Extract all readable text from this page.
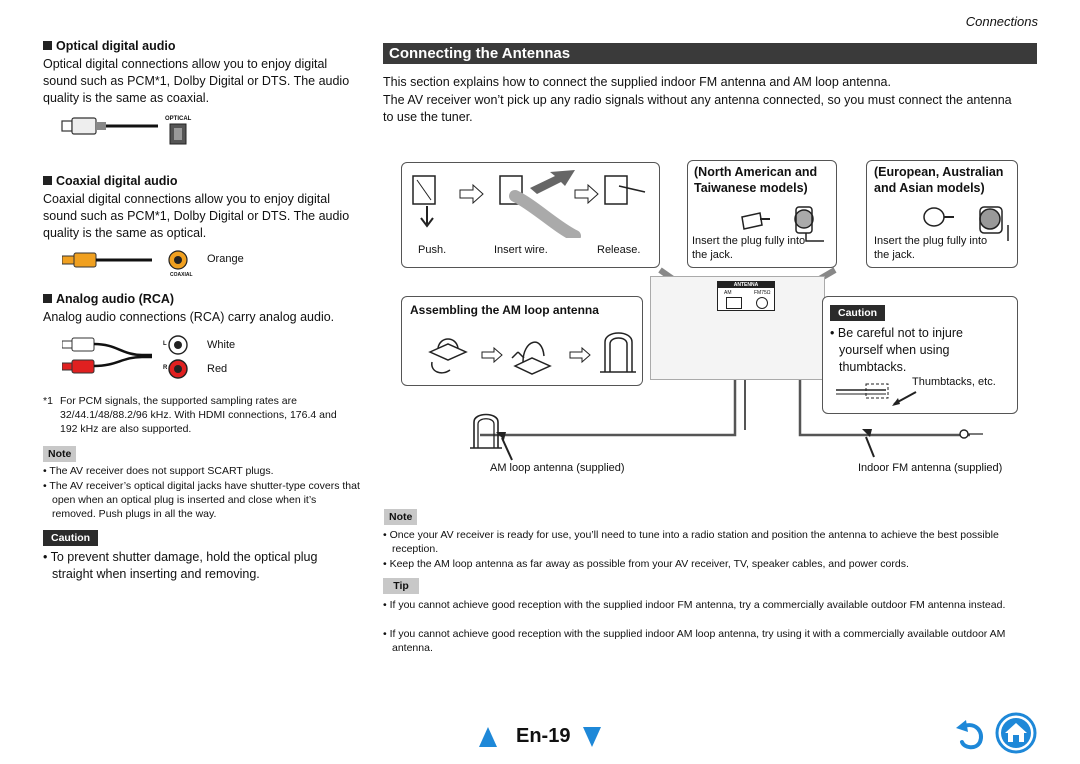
Connections
Optical digital audio
Optical digital connections allow you to enjoy digital sound such as PCM*1, Dolby Digital or DTS. The audio quality is the same as coaxial.
OPTICAL
Coaxial digital audio
Coaxial digital connections allow you to enjoy digital sound such as PCM*1, Dolby Digital or DTS. The audio quality is the same as optical.
COAXIAL
Orange
Analog audio (RCA)
Analog audio connections (RCA) carry analog audio.
L
R
White
Red
*1 For PCM signals, the supported sampling rates are 32/44.1/48/88.2/96 kHz. With HDMI connections, 176.4 and 192 kHz are also supported.
Note
• The AV receiver does not support SCART plugs.
• The AV receiver’s optical digital jacks have shutter-type covers that open when an optical plug is inserted and close when it’s removed. Push plugs in all the way.
Caution
• To prevent shutter damage, hold the optical plug straight when inserting and removing.
Connecting the Antennas
This section explains how to connect the supplied indoor FM antenna and AM loop antenna.
The AV receiver won’t pick up any radio signals without any antenna connected, so you must connect the antenna to use the tuner.
ANTENNA
AM	FM75Ω
Push.	Insert wire.	Release.
(North American and Taiwanese models)
Insert the plug fully into the jack.
(European, Australian and Asian models)
Insert the plug fully into the jack.
Assembling the AM loop antenna	Caution
• Be careful not to injure yourself when using thumbtacks.
Thumbtacks, etc.
AM loop antenna (supplied)	Indoor FM antenna (supplied)
Note
• Once your AV receiver is ready for use, you’ll need to tune into a radio station and position the antenna to achieve the best possible reception.
• Keep the AM loop antenna as far away as possible from your AV receiver, TV, speaker cables, and power cords.
Tip
• If you cannot achieve good reception with the supplied indoor FM antenna, try a commercially available outdoor FM antenna instead.
• If you cannot achieve good reception with the supplied indoor AM loop antenna, try using it with a commercially available outdoor AM antenna.
En-19
